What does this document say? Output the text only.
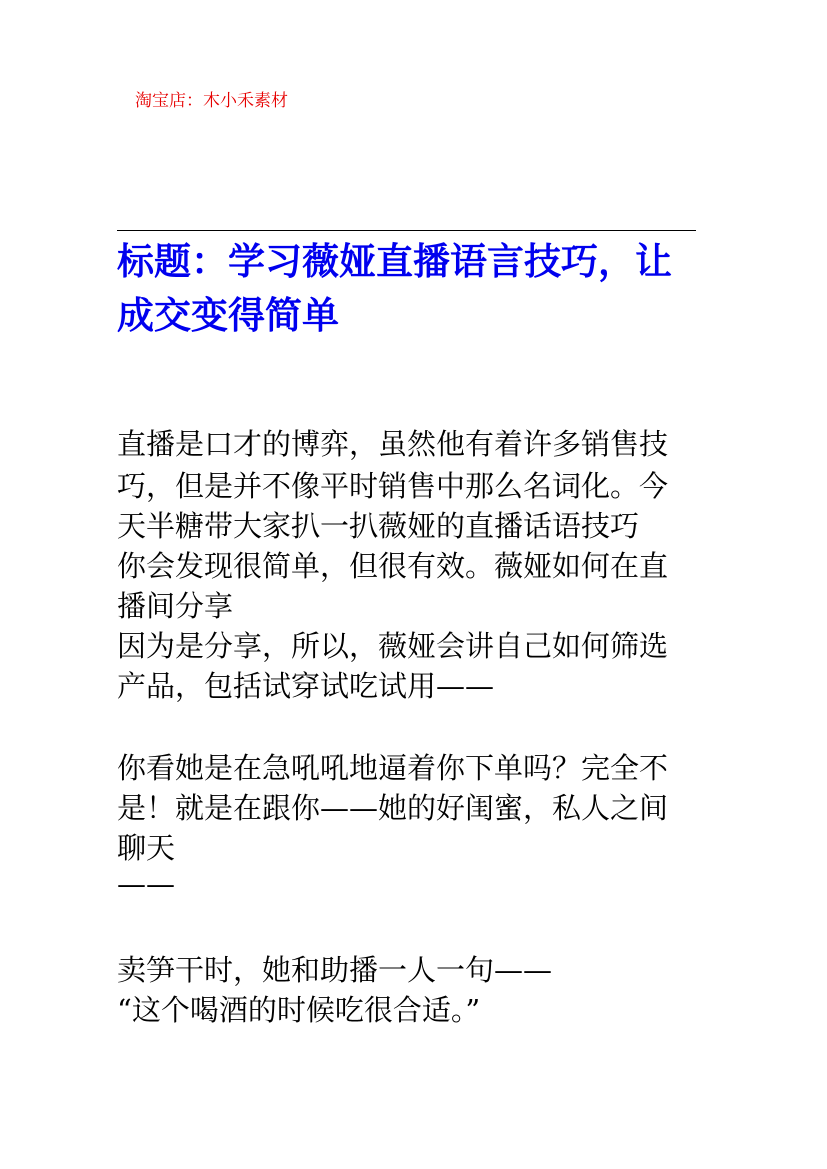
淘宝店：木小禾素材
标题：学习薇娅直播语言技巧，让
成交变得简单
直播是口才的博弈，虽然他有着许多销售技
巧，但是并不像平时销售中那么名词化。今
天半糖带大家扒一扒薇娅的直播话语技巧
你会发现很简单，但很有效。薇娅如何在直
播间分享
因为是分享，所以，薇娅会讲自己如何筛选
产品，包括试穿试吃试用——
你看她是在急吼吼地逼着你下单吗？完全不
是！就是在跟你——她的好闺蜜，私人之间
聊天
——
卖笋干时，她和助播一人一句——
“这个喝酒的时候吃很合适。”
